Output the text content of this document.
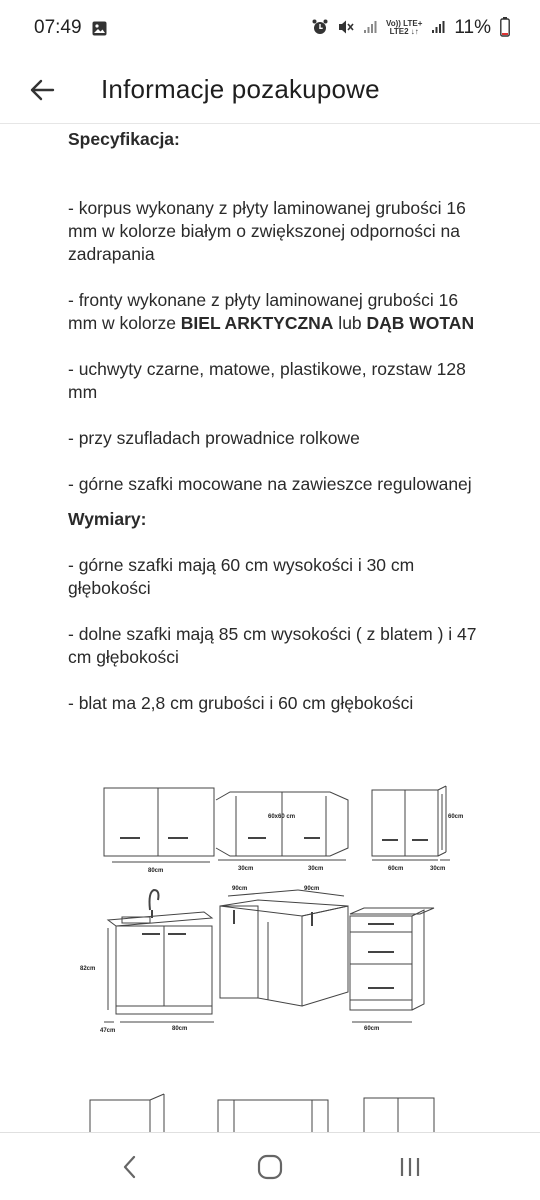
07:49	Vo)) LTE+
LTE2 ↓↑ 11%
Informacje pozakupowe

Specyfikacja:

- korpus wykonany z płyty laminowanej grubości 16 mm w kolorze białym o zwiększonej odporności na zadrapania

- fronty wykonane z płyty laminowanej grubości 16 mm w kolorze BIEL ARKTYCZNA lub DĄB WOTAN

- uchwyty czarne, matowe, plastikowe, rozstaw 128 mm

- przy szufladach prowadnice rolkowe

- górne szafki mocowane na zawieszce regulowanej

Wymiary:

- górne szafki mają 60 cm wysokości i 30 cm głębokości

- dolne szafki mają 85 cm wysokości ( z blatem ) i 47 cm głębokości

- blat ma 2,8 cm grubości i 60 cm głębokości

80cm
60x60 cm
30cm	30cm
60cm
60cm	30cm
90cm	90cm
82cm
47cm	80cm	60cm
